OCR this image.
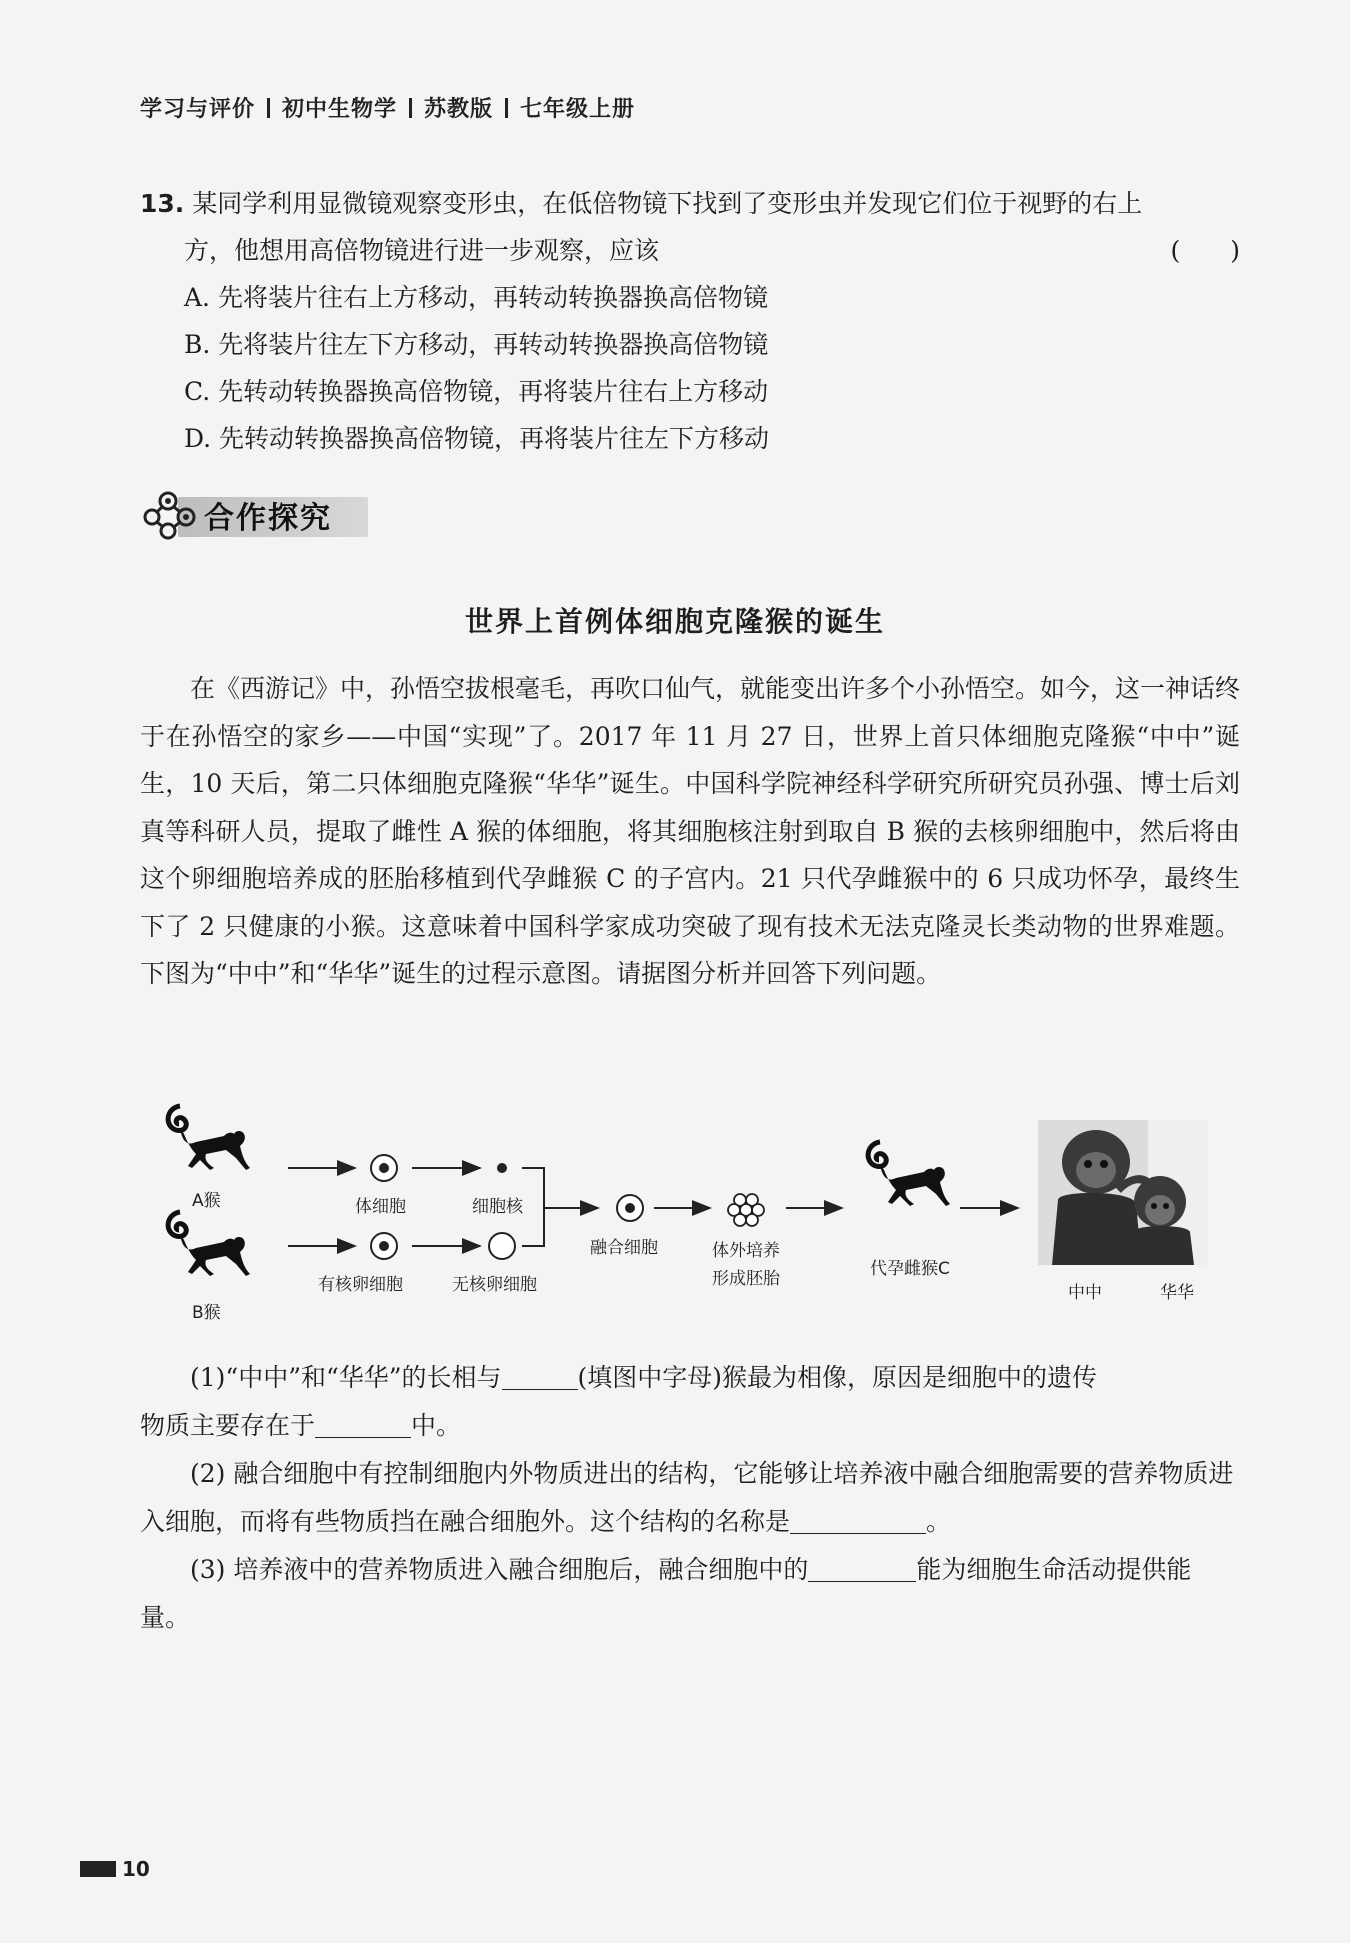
学习与评价 初中生物学 苏教版 七年级上册
13. 某同学利用显微镜观察变形虫，在低倍物镜下找到了变形虫并发现它们位于视野的右上
方，他想用高倍物镜进行进一步观察，应该	(　　)
A. 先将装片往右上方移动，再转动转换器换高倍物镜
B. 先将装片往左下方移动，再转动转换器换高倍物镜
C. 先转动转换器换高倍物镜，再将装片往右上方移动
D. 先转动转换器换高倍物镜，再将装片往左下方移动
合作探究
世界上首例体细胞克隆猴的诞生

在《西游记》中，孙悟空拔根毫毛，再吹口仙气，就能变出许多个小孙悟空。如今，这一神话终于在孙悟空的家乡——中国“实现”了。2017 年 11 月 27 日，世界上首只体细胞克隆猴“中中”诞生，10 天后，第二只体细胞克隆猴“华华”诞生。中国科学院神经科学研究所研究员孙强、博士后刘真等科研人员，提取了雌性 A 猴的体细胞，将其细胞核注射到取自 B 猴的去核卵细胞中，然后将由这个卵细胞培养成的胚胎移植到代孕雌猴 C 的子宫内。21 只代孕雌猴中的 6 只成功怀孕，最终生下了 2 只健康的小猴。这意味着中国科学家成功突破了现有技术无法克隆灵长类动物的世界难题。下图为“中中”和“华华”诞生的过程示意图。请据图分析并回答下列问题。

A猴
B猴
体细胞	细胞核
有核卵细胞	无核卵细胞
融合细胞	体外培养
形成胚胎	代孕雌猴C
中中	华华

(1)“中中”和“华华”的长相与	(填图中字母)猴最为相像，原因是细胞中的遗传

物质主要存在于	中。

(2) 融合细胞中有控制细胞内外物质进出的结构，它能够让培养液中融合细胞需要的营养物质进入细胞，而将有些物质挡在融合细胞外。这个结构的名称是	。

(3) 培养液中的营养物质进入融合细胞后，融合细胞中的	能为细胞生命活动提供能量。

10
